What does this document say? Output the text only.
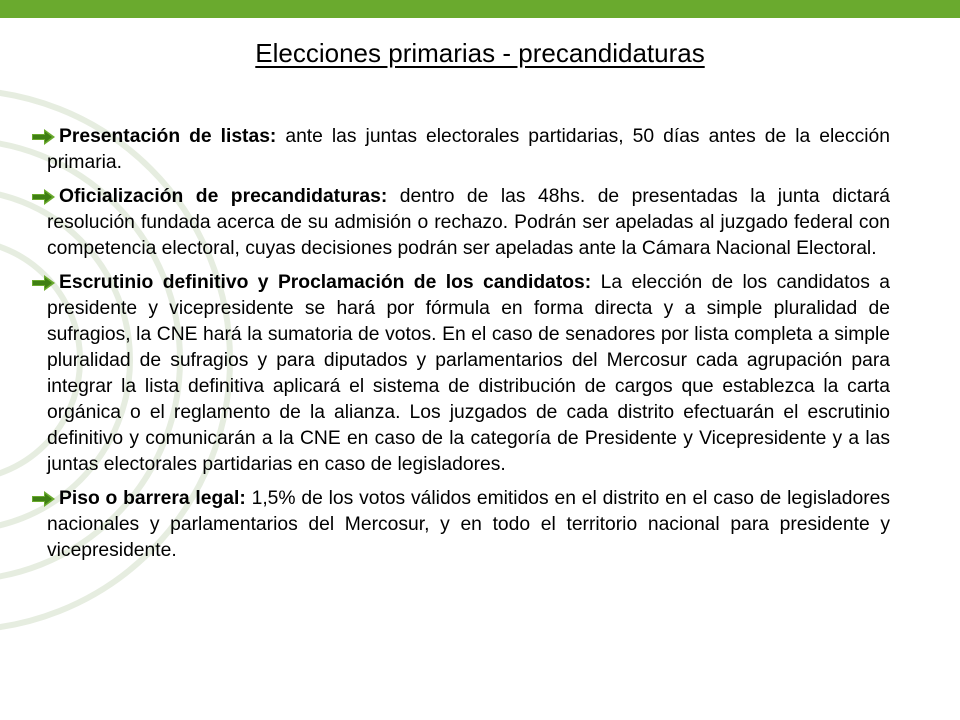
Elecciones primarias - precandidaturas
Presentación de listas: ante las juntas electorales partidarias, 50 días antes de la elección primaria.
Oficialización de precandidaturas: dentro de las 48hs. de presentadas la junta dictará resolución fundada acerca de su admisión o rechazo. Podrán ser apeladas al juzgado federal con competencia electoral, cuyas decisiones podrán ser apeladas ante la Cámara Nacional Electoral.
Escrutinio definitivo y Proclamación de los candidatos: La elección de los candidatos a presidente y vicepresidente se hará por fórmula en forma directa y a simple pluralidad de sufragios, la CNE hará la sumatoria de votos. En el caso de senadores por lista completa a simple pluralidad de sufragios y para diputados y parlamentarios del Mercosur cada agrupación para integrar la lista definitiva aplicará el sistema de distribución de cargos que establezca la carta orgánica o el reglamento de la alianza. Los juzgados de cada distrito efectuarán el escrutinio definitivo y comunicarán a la CNE en caso de la categoría de Presidente y Vicepresidente y a las juntas electorales partidarias en caso de legisladores.
Piso o barrera legal: 1,5% de los votos válidos emitidos en el distrito en el caso de legisladores nacionales y parlamentarios del Mercosur, y en todo el territorio nacional para presidente y vicepresidente.
